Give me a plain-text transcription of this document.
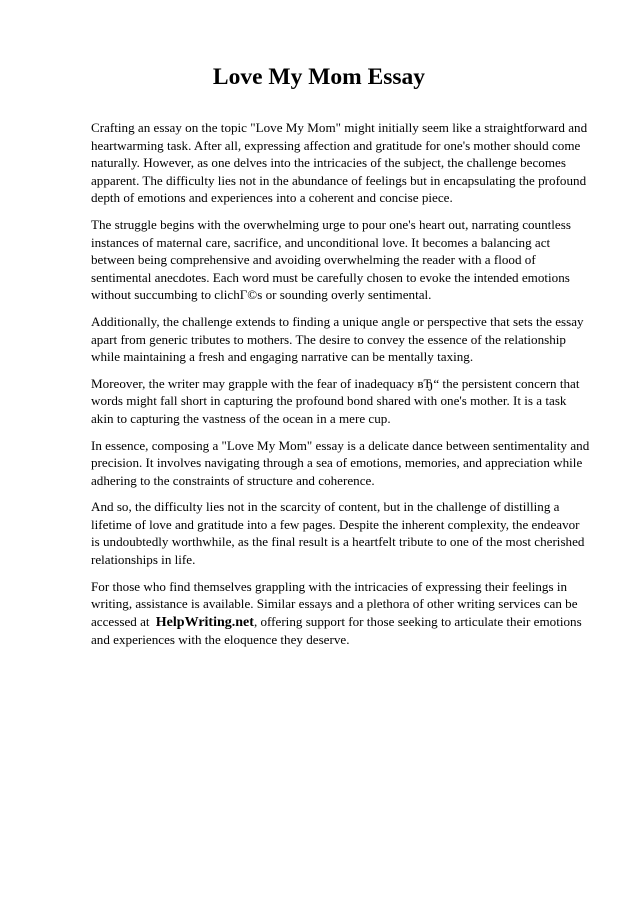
Love My Mom Essay

Crafting an essay on the topic "Love My Mom" might initially seem like a straightforward and heartwarming task. After all, expressing affection and gratitude for one's mother should come naturally. However, as one delves into the intricacies of the subject, the challenge becomes apparent. The difficulty lies not in the abundance of feelings but in encapsulating the profound depth of emotions and experiences into a coherent and concise piece.

The struggle begins with the overwhelming urge to pour one's heart out, narrating countless instances of maternal care, sacrifice, and unconditional love. It becomes a balancing act between being comprehensive and avoiding overwhelming the reader with a flood of sentimental anecdotes. Each word must be carefully chosen to evoke the intended emotions without succumbing to clichГ©s or sounding overly sentimental.

Additionally, the challenge extends to finding a unique angle or perspective that sets the essay apart from generic tributes to mothers. The desire to convey the essence of the relationship while maintaining a fresh and engaging narrative can be mentally taxing.

Moreover, the writer may grapple with the fear of inadequacy вЂ“ the persistent concern that words might fall short in capturing the profound bond shared with one's mother. It is a task akin to capturing the vastness of the ocean in a mere cup.

In essence, composing a "Love My Mom" essay is a delicate dance between sentimentality and precision. It involves navigating through a sea of emotions, memories, and appreciation while adhering to the constraints of structure and coherence.

And so, the difficulty lies not in the scarcity of content, but in the challenge of distilling a lifetime of love and gratitude into a few pages. Despite the inherent complexity, the endeavor is undoubtedly worthwhile, as the final result is a heartfelt tribute to one of the most cherished relationships in life.

For those who find themselves grappling with the intricacies of expressing their feelings in writing, assistance is available. Similar essays and a plethora of other writing services can be accessed at HelpWriting.net, offering support for those seeking to articulate their emotions and experiences with the eloquence they deserve.
